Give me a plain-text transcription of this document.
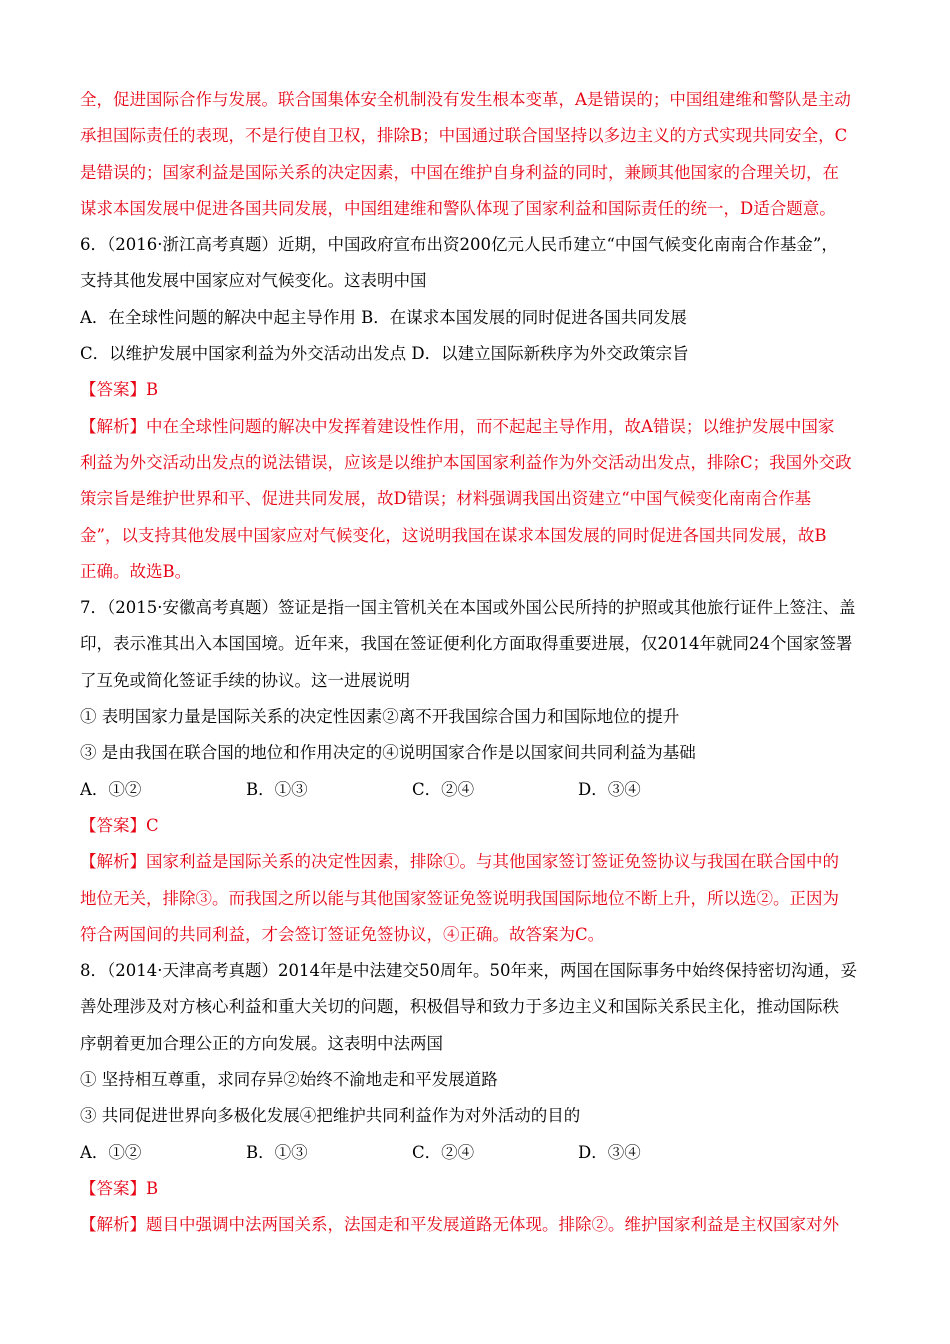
全，促进国际合作与发展。联合国集体安全机制没有发生根本变革，A是错误的；中国组建维和警队是主动
承担国际责任的表现，不是行使自卫权，排除B；中国通过联合国坚持以多边主义的方式实现共同安全，C
是错误的；国家利益是国际关系的决定因素，中国在维护自身利益的同时，兼顾其他国家的合理关切，在
谋求本国发展中促进各国共同发展，中国组建维和警队体现了国家利益和国际责任的统一，D适合题意。
6．（2016·浙江高考真题）近期，中国政府宣布出资200亿元人民币建立“中国气候变化南南合作基金”，
支持其他发展中国家应对气候变化。这表明中国
A．在全球性问题的解决中起主导作用 B．在谋求本国发展的同时促进各国共同发展
C．以维护发展中国家利益为外交活动出发点 D．以建立国际新秩序为外交政策宗旨
【答案】B
【解析】中在全球性问题的解决中发挥着建设性作用，而不起起主导作用，故A错误；以维护发展中国家
利益为外交活动出发点的说法错误，应该是以维护本国国家利益作为外交活动出发点，排除C；我国外交政
策宗旨是维护世界和平、促进共同发展，故D错误；材料强调我国出资建立“中国气候变化南南合作基
金”，以支持其他发展中国家应对气候变化，这说明我国在谋求本国发展的同时促进各国共同发展，故B
正确。故选B。
7．（2015·安徽高考真题）签证是指一国主管机关在本国或外国公民所持的护照或其他旅行证件上签注、盖
印，表示准其出入本国国境。近年来，我国在签证便利化方面取得重要进展，仅2014年就同24个国家签署
了互免或简化签证手续的协议。这一进展说明
① 表明国家力量是国际关系的决定性因素②离不开我国综合国力和国际地位的提升
③ 是由我国在联合国的地位和作用决定的④说明国家合作是以国家间共同利益为基础
A．①②	B．①③	C．②④	D．③④
【答案】C
【解析】国家利益是国际关系的决定性因素，排除①。与其他国家签订签证免签协议与我国在联合国中的
地位无关，排除③。而我国之所以能与其他国家签证免签说明我国国际地位不断上升，所以选②。正因为
符合两国间的共同利益，才会签订签证免签协议，④正确。故答案为C。
8．（2014·天津高考真题）2014年是中法建交50周年。50年来，两国在国际事务中始终保持密切沟通，妥
善处理涉及对方核心利益和重大关切的问题，积极倡导和致力于多边主义和国际关系民主化，推动国际秩
序朝着更加合理公正的方向发展。这表明中法两国
① 坚持相互尊重，求同存异②始终不渝地走和平发展道路
③ 共同促进世界向多极化发展④把维护共同利益作为对外活动的目的
A．①②	B．①③	C．②④	D．③④
【答案】B
【解析】题目中强调中法两国关系，法国走和平发展道路无体现。排除②。维护国家利益是主权国家对外
